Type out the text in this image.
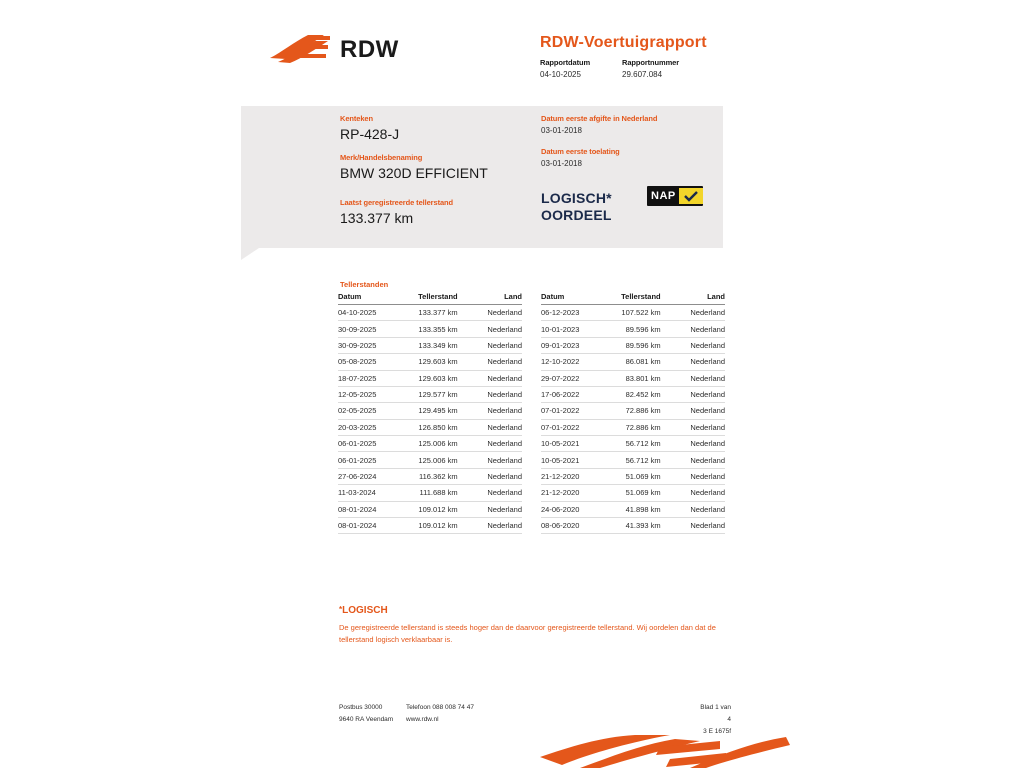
RDW	RDW-Voertuigrapport
Rapportdatum
04-10-2025
Rapportnummer
29.607.084
Kenteken
RP-428-J
Merk/Handelsbenaming
BMW 320D EFFICIENT
Laatst geregistreerde tellerstand
133.377 km
Datum eerste afgifte in Nederland
03-01-2018
Datum eerste toelating
03-01-2018
LOGISCH*
OORDEEL
NAP
Tellerstanden
Datum	Tellerstand	Land
04-10-2025	133.377 km	Nederland
30-09-2025	133.355 km	Nederland
30-09-2025	133.349 km	Nederland
05-08-2025	129.603 km	Nederland
18-07-2025	129.603 km	Nederland
12-05-2025	129.577 km	Nederland
02-05-2025	129.495 km	Nederland
20-03-2025	126.850 km	Nederland
06-01-2025	125.006 km	Nederland
06-01-2025	125.006 km	Nederland
27-06-2024	116.362 km	Nederland
11-03-2024	111.688 km	Nederland
08-01-2024	109.012 km	Nederland
08-01-2024	109.012 km	Nederland
Datum	Tellerstand	Land
06-12-2023	107.522 km	Nederland
10-01-2023	89.596 km	Nederland
09-01-2023	89.596 km	Nederland
12-10-2022	86.081 km	Nederland
29-07-2022	83.801 km	Nederland
17-06-2022	82.452 km	Nederland
07-01-2022	72.886 km	Nederland
07-01-2022	72.886 km	Nederland
10-05-2021	56.712 km	Nederland
10-05-2021	56.712 km	Nederland
21-12-2020	51.069 km	Nederland
21-12-2020	51.069 km	Nederland
24-06-2020	41.898 km	Nederland
08-06-2020	41.393 km	Nederland
*LOGISCH
De geregistreerde tellerstand is steeds hoger dan de daarvoor geregistreerde tellerstand. Wij oordelen dan dat de tellerstand logisch verklaarbaar is.
Postbus 30000
9640 RA Veendam
Telefoon 088 008 74 47
www.rdw.nl
Blad 1 van 4
3 E 1675f
